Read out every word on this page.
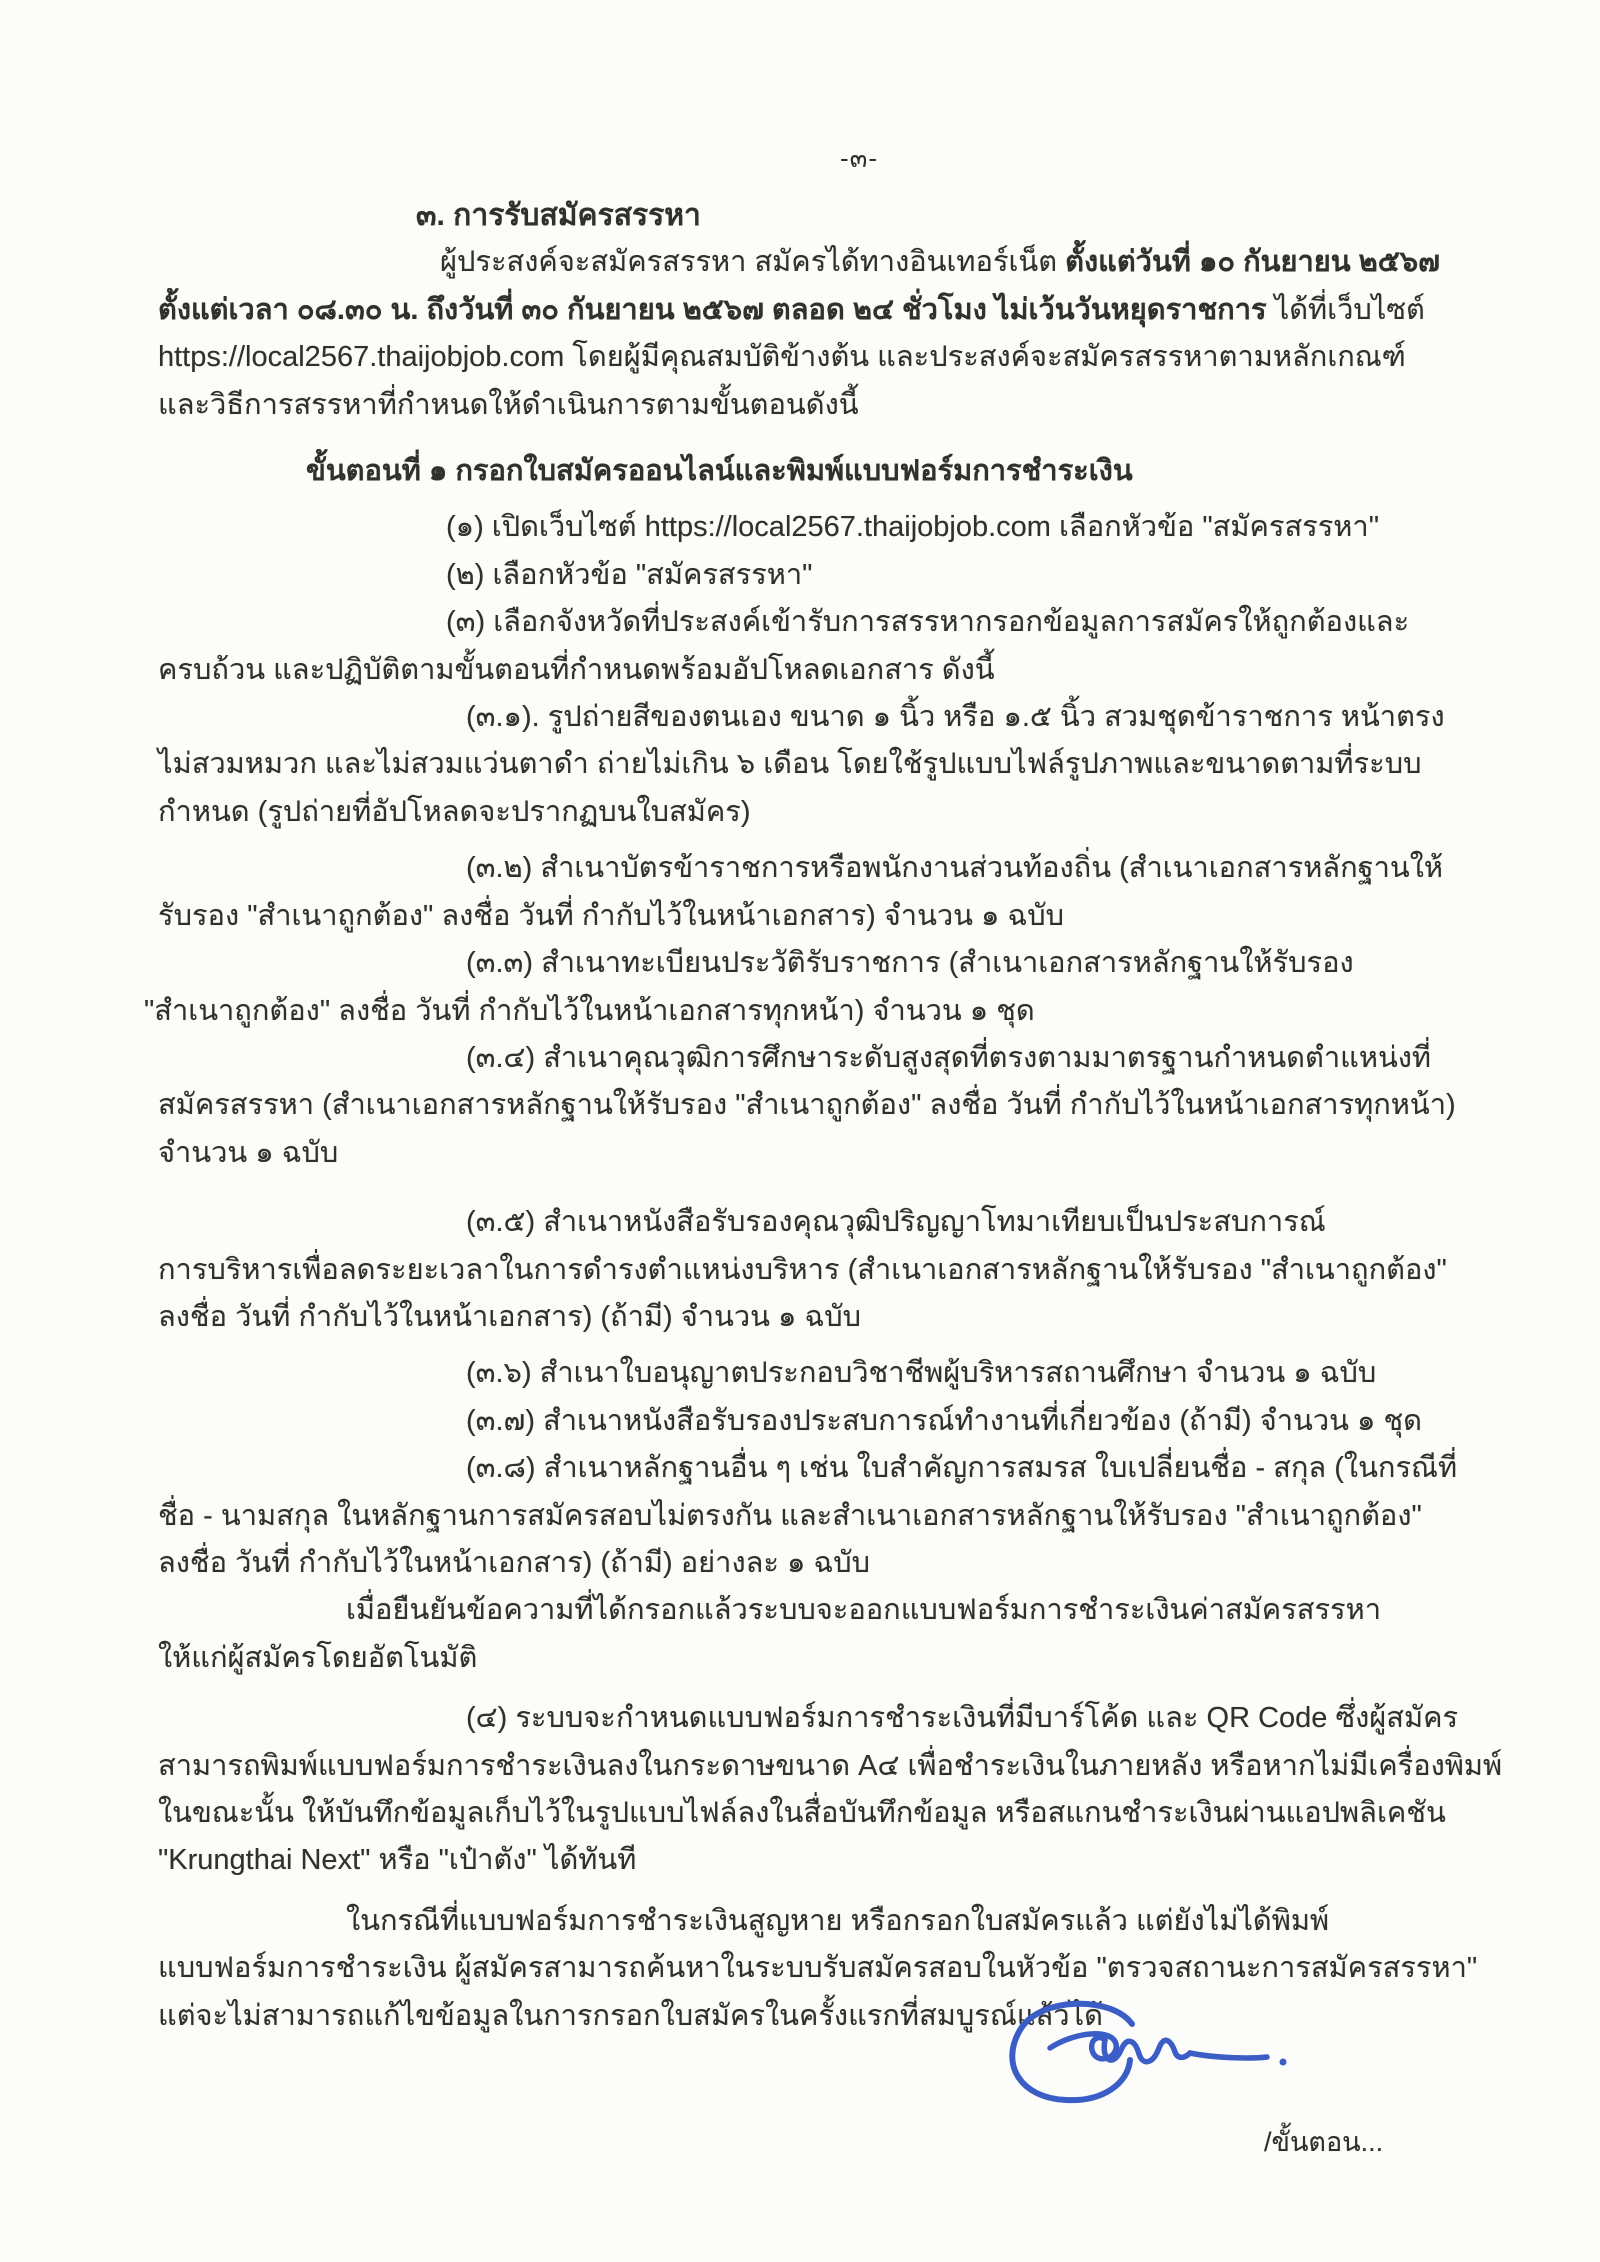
-๓-
๓. การรับสมัครสรรหา
ผู้ประสงค์จะสมัครสรรหา สมัครได้ทางอินเทอร์เน็ต ตั้งแต่วันที่ ๑๐ กันยายน ๒๕๖๗
ตั้งแต่เวลา ๐๘.๓๐ น. ถึงวันที่ ๓๐ กันยายน ๒๕๖๗ ตลอด ๒๔ ชั่วโมง ไม่เว้นวันหยุดราชการ ได้ที่เว็บไซต์
https://local2567.thaijobjob.com โดยผู้มีคุณสมบัติข้างต้น และประสงค์จะสมัครสรรหาตามหลักเกณฑ์
และวิธีการสรรหาที่กำหนดให้ดำเนินการตามขั้นตอนดังนี้
ขั้นตอนที่ ๑ กรอกใบสมัครออนไลน์และพิมพ์แบบฟอร์มการชำระเงิน
(๑) เปิดเว็บไซต์ https://local2567.thaijobjob.com เลือกหัวข้อ "สมัครสรรหา"
(๒) เลือกหัวข้อ "สมัครสรรหา"
(๓) เลือกจังหวัดที่ประสงค์เข้ารับการสรรหากรอกข้อมูลการสมัครให้ถูกต้องและ
ครบถ้วน และปฏิบัติตามขั้นตอนที่กำหนดพร้อมอัปโหลดเอกสาร ดังนี้
(๓.๑). รูปถ่ายสีของตนเอง ขนาด ๑ นิ้ว หรือ ๑.๕ นิ้ว สวมชุดข้าราชการ หน้าตรง
ไม่สวมหมวก และไม่สวมแว่นตาดำ ถ่ายไม่เกิน ๖ เดือน โดยใช้รูปแบบไฟล์รูปภาพและขนาดตามที่ระบบ
กำหนด (รูปถ่ายที่อัปโหลดจะปรากฏบนใบสมัคร)
(๓.๒) สำเนาบัตรข้าราชการหรือพนักงานส่วนท้องถิ่น (สำเนาเอกสารหลักฐานให้
รับรอง "สำเนาถูกต้อง" ลงชื่อ วันที่ กำกับไว้ในหน้าเอกสาร) จำนวน ๑ ฉบับ
(๓.๓) สำเนาทะเบียนประวัติรับราชการ (สำเนาเอกสารหลักฐานให้รับรอง
"สำเนาถูกต้อง" ลงชื่อ วันที่ กำกับไว้ในหน้าเอกสารทุกหน้า) จำนวน ๑ ชุด
(๓.๔) สำเนาคุณวุฒิการศึกษาระดับสูงสุดที่ตรงตามมาตรฐานกำหนดตำแหน่งที่
สมัครสรรหา (สำเนาเอกสารหลักฐานให้รับรอง "สำเนาถูกต้อง" ลงชื่อ วันที่ กำกับไว้ในหน้าเอกสารทุกหน้า)
จำนวน ๑ ฉบับ
(๓.๕) สำเนาหนังสือรับรองคุณวุฒิปริญญาโทมาเทียบเป็นประสบการณ์
การบริหารเพื่อลดระยะเวลาในการดำรงตำแหน่งบริหาร (สำเนาเอกสารหลักฐานให้รับรอง "สำเนาถูกต้อง"
ลงชื่อ วันที่ กำกับไว้ในหน้าเอกสาร) (ถ้ามี) จำนวน ๑ ฉบับ
(๓.๖) สำเนาใบอนุญาตประกอบวิชาชีพผู้บริหารสถานศึกษา จำนวน ๑ ฉบับ
(๓.๗) สำเนาหนังสือรับรองประสบการณ์ทำงานที่เกี่ยวข้อง (ถ้ามี) จำนวน ๑ ชุด
(๓.๘) สำเนาหลักฐานอื่น ๆ เช่น ใบสำคัญการสมรส ใบเปลี่ยนชื่อ - สกุล (ในกรณีที่
ชื่อ - นามสกุล ในหลักฐานการสมัครสอบไม่ตรงกัน และสำเนาเอกสารหลักฐานให้รับรอง "สำเนาถูกต้อง"
ลงชื่อ วันที่ กำกับไว้ในหน้าเอกสาร) (ถ้ามี) อย่างละ ๑ ฉบับ
เมื่อยืนยันข้อความที่ได้กรอกแล้วระบบจะออกแบบฟอร์มการชำระเงินค่าสมัครสรรหา
ให้แก่ผู้สมัครโดยอัตโนมัติ
(๔) ระบบจะกำหนดแบบฟอร์มการชำระเงินที่มีบาร์โค้ด และ QR Code ซึ่งผู้สมัคร
สามารถพิมพ์แบบฟอร์มการชำระเงินลงในกระดาษขนาด A๔ เพื่อชำระเงินในภายหลัง หรือหากไม่มีเครื่องพิมพ์
ในขณะนั้น ให้บันทึกข้อมูลเก็บไว้ในรูปแบบไฟล์ลงในสื่อบันทึกข้อมูล หรือสแกนชำระเงินผ่านแอปพลิเคชัน
"Krungthai Next" หรือ "เป๋าตัง" ได้ทันที
ในกรณีที่แบบฟอร์มการชำระเงินสูญหาย หรือกรอกใบสมัครแล้ว แต่ยังไม่ได้พิมพ์
แบบฟอร์มการชำระเงิน ผู้สมัครสามารถค้นหาในระบบรับสมัครสอบในหัวข้อ "ตรวจสถานะการสมัครสรรหา"
แต่จะไม่สามารถแก้ไขข้อมูลในการกรอกใบสมัครในครั้งแรกที่สมบูรณ์แล้วได้
/ขั้นตอน...
